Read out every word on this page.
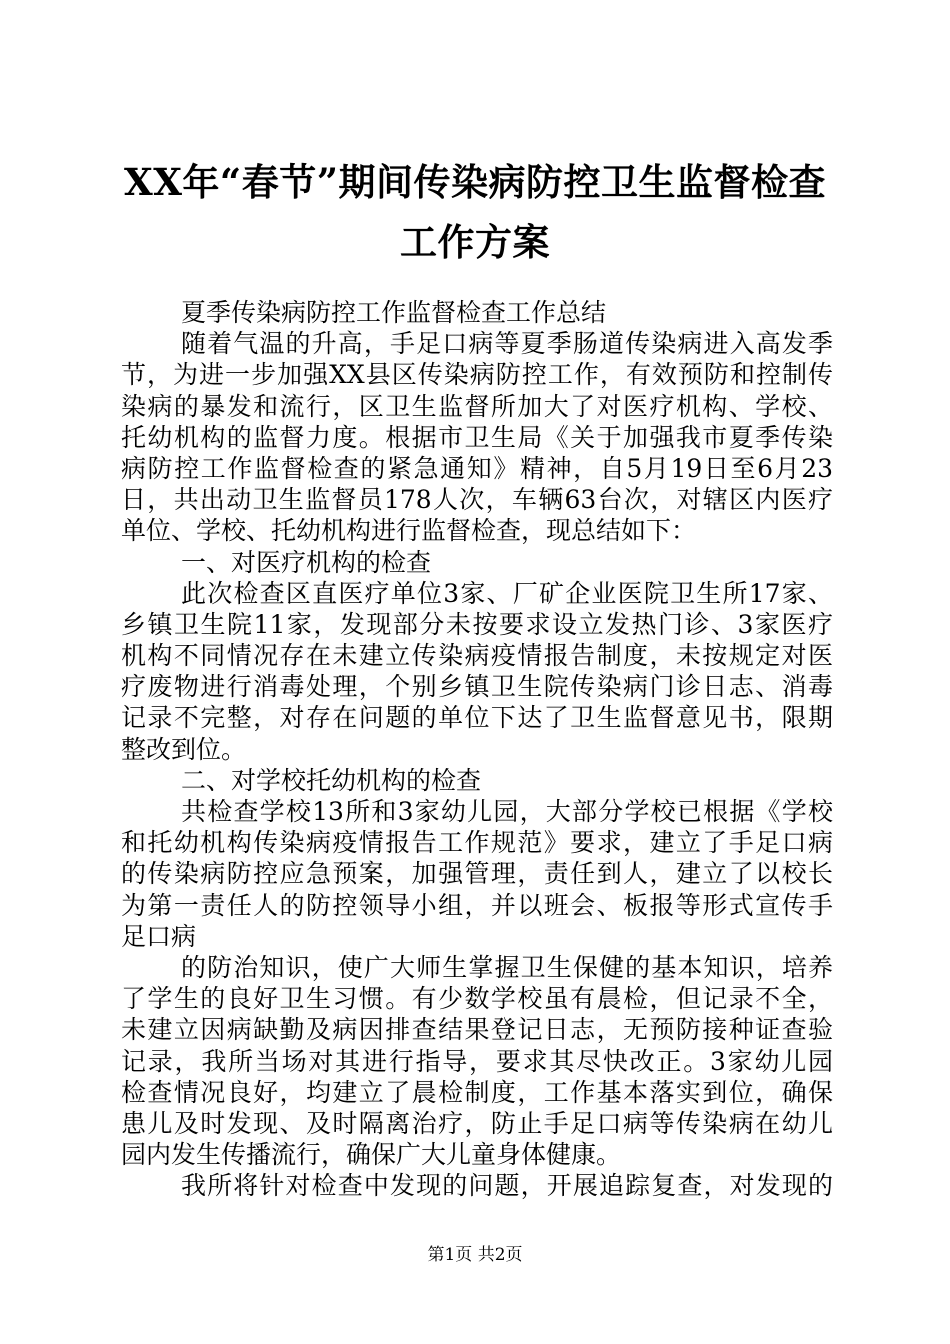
XX年“春节”期间传染病防控卫生监督检查
工作方案
夏季传染病防控工作监督检查工作总结
随着气温的升高，手足口病等夏季肠道传染病进入高发季
节，为进一步加强XX县区传染病防控工作，有效预防和控制传
染病的暴发和流行，区卫生监督所加大了对医疗机构、学校、
托幼机构的监督力度。根据市卫生局《关于加强我市夏季传染
病防控工作监督检查的紧急通知》精神，自5月19日至6月23
日，共出动卫生监督员178人次，车辆63台次，对辖区内医疗
单位、学校、托幼机构进行监督检查，现总结如下：
一、对医疗机构的检查
此次检查区直医疗单位3家、厂矿企业医院卫生所17家、
乡镇卫生院11家，发现部分未按要求设立发热门诊、3家医疗
机构不同情况存在未建立传染病疫情报告制度，未按规定对医
疗废物进行消毒处理，个别乡镇卫生院传染病门诊日志、消毒
记录不完整，对存在问题的单位下达了卫生监督意见书，限期
整改到位。
二、对学校托幼机构的检查
共检查学校13所和3家幼儿园，大部分学校已根据《学校
和托幼机构传染病疫情报告工作规范》要求，建立了手足口病
的传染病防控应急预案，加强管理，责任到人，建立了以校长
为第一责任人的防控领导小组，并以班会、板报等形式宣传手
足口病
的防治知识，使广大师生掌握卫生保健的基本知识，培养
了学生的良好卫生习惯。有少数学校虽有晨检，但记录不全，
未建立因病缺勤及病因排查结果登记日志，无预防接种证查验
记录，我所当场对其进行指导，要求其尽快改正。3家幼儿园
检查情况良好，均建立了晨检制度，工作基本落实到位，确保
患儿及时发现、及时隔离治疗，防止手足口病等传染病在幼儿
园内发生传播流行，确保广大儿童身体健康。
我所将针对检查中发现的问题，开展追踪复查，对发现的
第1页 共2页
